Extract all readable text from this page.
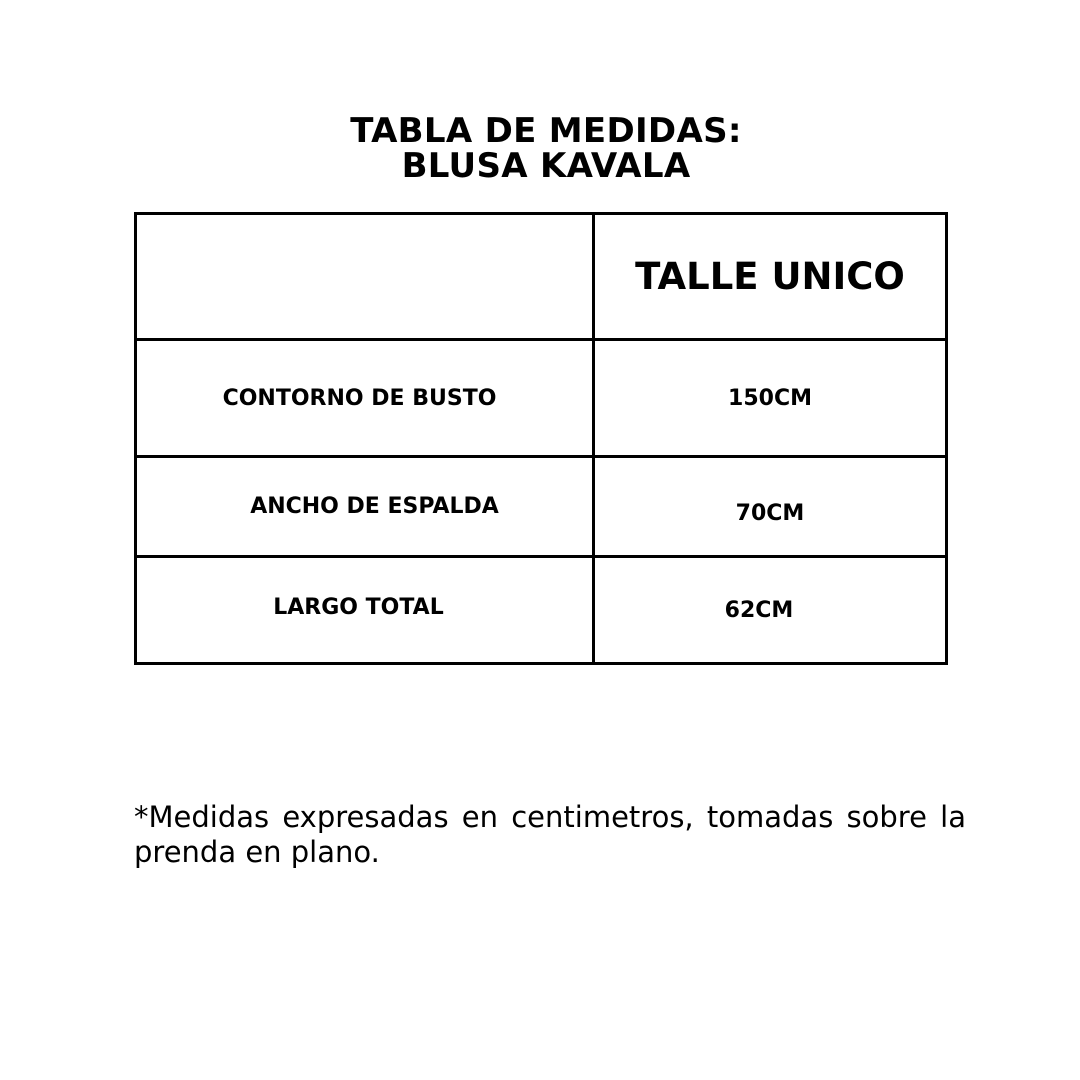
TABLA DE MEDIDAS:
BLUSA KAVALA
	TALLE UNICO
CONTORNO DE BUSTO	150CM
ANCHO DE ESPALDA	70CM
LARGO TOTAL	62CM
*Medidas expresadas en centimetros, tomadas sobre la prenda en plano.
